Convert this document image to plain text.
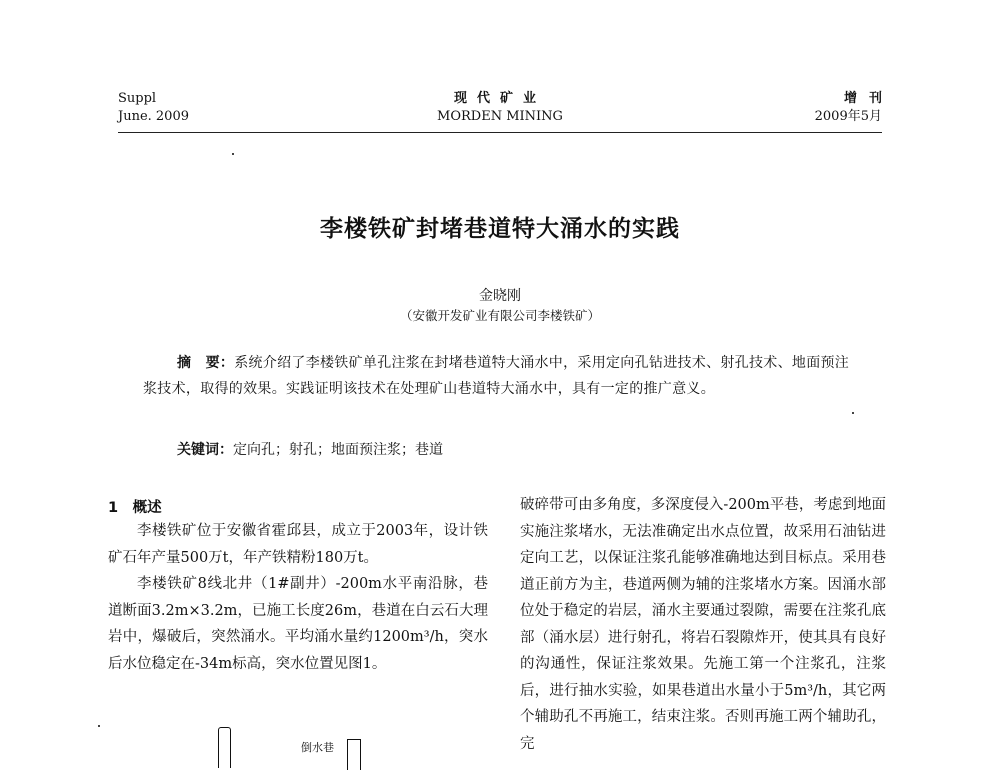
Suppl
June. 2009
现代矿业
MORDEN MINING
增刊
2009年5月
李楼铁矿封堵巷道特大涌水的实践
金晓刚
（安徽开发矿业有限公司李楼铁矿）
摘　要：系统介绍了李楼铁矿单孔注浆在封堵巷道特大涌水中，采用定向孔钻进技术、射孔技术、地面预注浆技术，取得的效果。实践证明该技术在处理矿山巷道特大涌水中，具有一定的推广意义。
关键词：定向孔；射孔；地面预注浆；巷道
1　概述

李楼铁矿位于安徽省霍邱县，成立于2003年，设计铁矿石年产量500万t，年产铁精粉180万t。

李楼铁矿8线北井（1#副井）-200m水平南沿脉，巷道断面3.2m×3.2m，已施工长度26m，巷道在白云石大理岩中，爆破后，突然涌水。平均涌水量约1200m³/h，突水后水位稳定在-34m标高，突水位置见图1。

破碎带可由多角度，多深度侵入-200m平巷，考虑到地面实施注浆堵水，无法准确定出水点位置，故采用石油钻进定向工艺，以保证注浆孔能够准确地达到目标点。采用巷道正前方为主，巷道两侧为辅的注浆堵水方案。因涌水部位处于稳定的岩层，涌水主要通过裂隙，需要在注浆孔底部（涌水层）进行射孔，将岩石裂隙炸开，使其具有良好的沟通性，保证注浆效果。先施工第一个注浆孔，注浆后，进行抽水实验，如果巷道出水量小于5m³/h，其它两个辅助孔不再施工，结束注浆。否则再施工两个辅助孔，完

倒水巷
